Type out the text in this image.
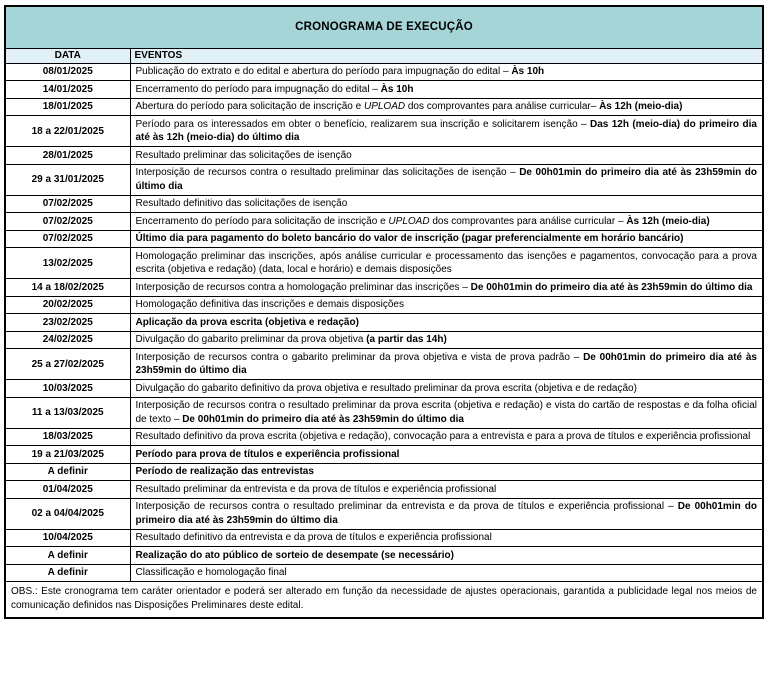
CRONOGRAMA DE EXECUÇÃO	
DATA	EVENTOS
08/01/2025	Publicação do extrato e do edital e abertura do período para impugnação do edital – Às 10h
14/01/2025	Encerramento do período para impugnação do edital – Às 10h
18/01/2025	Abertura do período para solicitação de inscrição e UPLOAD dos comprovantes para análise curricular– Às 12h (meio-dia)
18 a 22/01/2025	Período para os interessados em obter o benefício, realizarem sua inscrição e solicitarem isenção – Das 12h (meio-dia) do primeiro dia até às 12h (meio-dia) do último dia
28/01/2025	Resultado preliminar das solicitações de isenção
29 a 31/01/2025	Interposição de recursos contra o resultado preliminar das solicitações de isenção – De 00h01min do primeiro dia até às 23h59min do último dia
07/02/2025	Resultado definitivo das solicitações de isenção
07/02/2025	Encerramento do período para solicitação de inscrição e UPLOAD dos comprovantes para análise curricular – Às 12h (meio-dia)
07/02/2025	Último dia para pagamento do boleto bancário do valor de inscrição (pagar preferencialmente em horário bancário)
13/02/2025	Homologação preliminar das inscrições, após análise curricular e processamento das isenções e pagamentos, convocação para a prova escrita (objetiva e redação) (data, local e horário) e demais disposições
14 a 18/02/2025	Interposição de recursos contra a homologação preliminar das inscrições – De 00h01min do primeiro dia até às 23h59min do último dia
20/02/2025	Homologação definitiva das inscrições e demais disposições
23/02/2025	Aplicação da prova escrita (objetiva e redação)
24/02/2025	Divulgação do gabarito preliminar da prova objetiva (a partir das 14h)
25 a 27/02/2025	Interposição de recursos contra o gabarito preliminar da prova objetiva e vista de prova padrão – De 00h01min do primeiro dia até às 23h59min do último dia
10/03/2025	Divulgação do gabarito definitivo da prova objetiva e resultado preliminar da prova escrita (objetiva e de redação)
11 a 13/03/2025	Interposição de recursos contra o resultado preliminar da prova escrita (objetiva e redação) e vista do cartão de respostas e da folha oficial de texto – De 00h01min do primeiro dia até às 23h59min do último dia
18/03/2025	Resultado definitivo da prova escrita (objetiva e redação), convocação para a entrevista e para a prova de títulos e experiência profissional
19 a 21/03/2025	Período para prova de títulos e experiência profissional
A definir	Período de realização das entrevistas
01/04/2025	Resultado preliminar da entrevista e da prova de títulos e experiência profissional
02 a 04/04/2025	Interposição de recursos contra o resultado preliminar da entrevista e da prova de títulos e experiência profissional – De 00h01min do primeiro dia até às 23h59min do último dia
10/04/2025	Resultado definitivo da entrevista e da prova de títulos e experiência profissional
A definir	Realização do ato público de sorteio de desempate (se necessário)
A definir	Classificação e homologação final
OBS.: Este cronograma tem caráter orientador e poderá ser alterado em função da necessidade de ajustes operacionais, garantida a publicidade legal nos meios de comunicação definidos nas Disposições Preliminares deste edital.	
